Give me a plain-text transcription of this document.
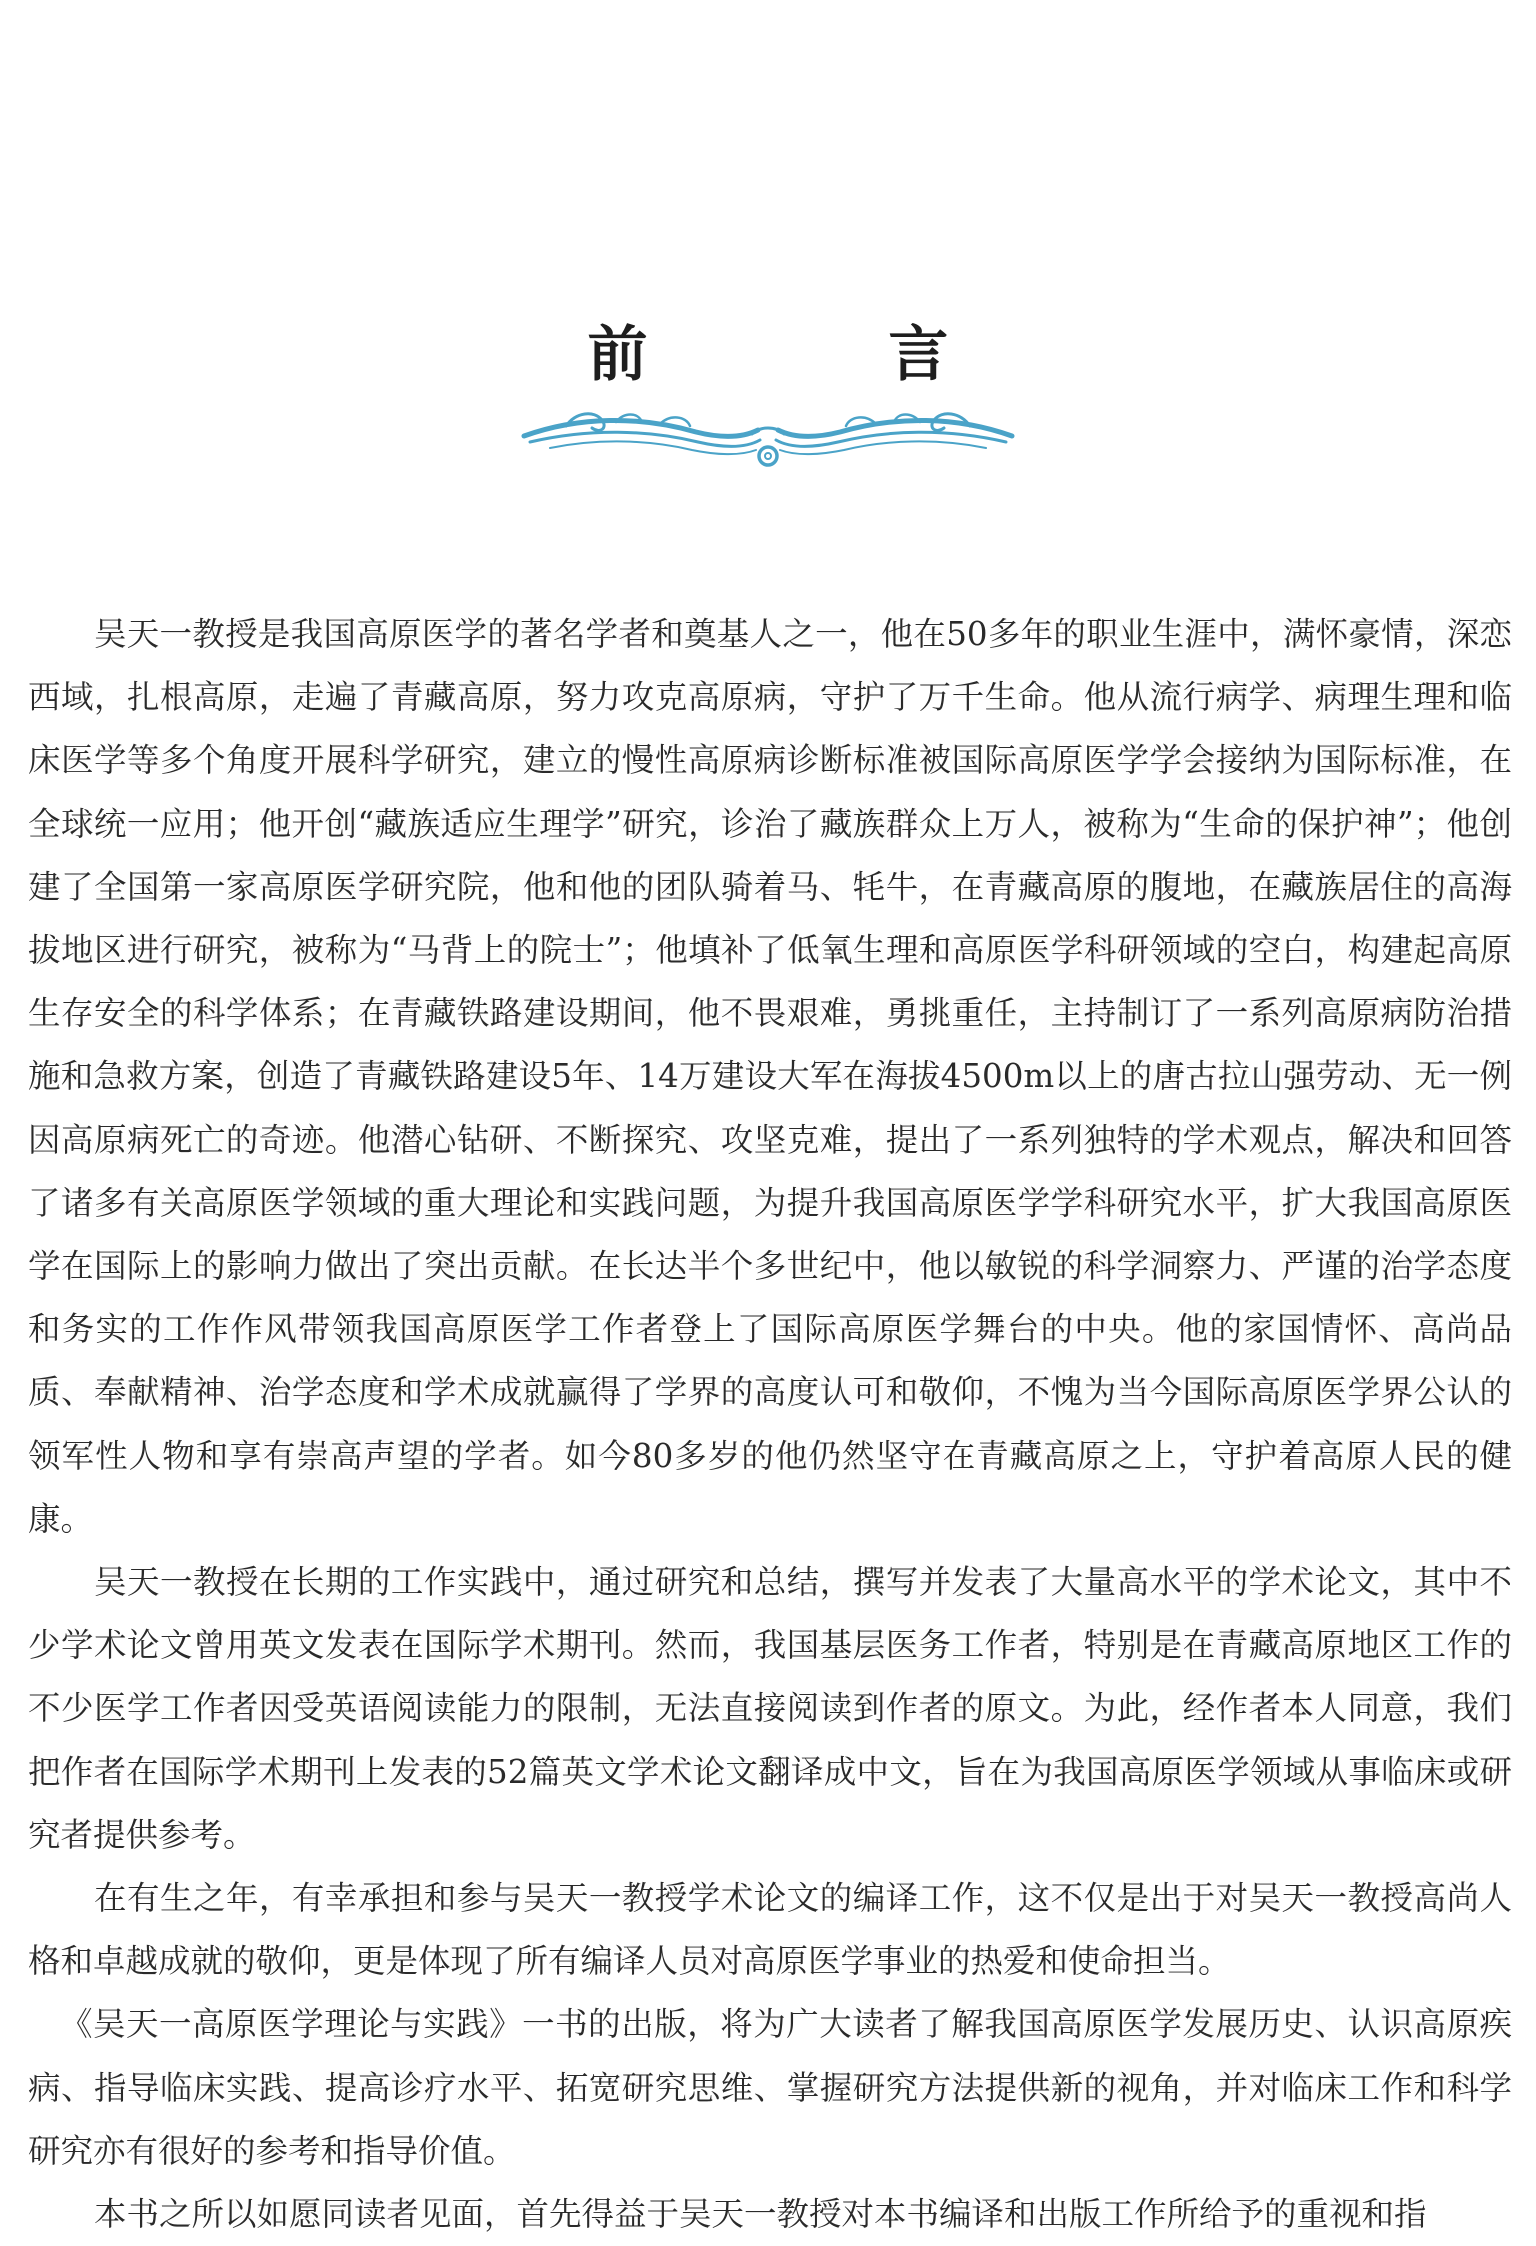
前 言

吴天一教授是我国高原医学的著名学者和奠基人之一，他在50多年的职业生涯中，满怀豪情，深恋西域，扎根高原，走遍了青藏高原，努力攻克高原病，守护了万千生命。他从流行病学、病理生理和临床医学等多个角度开展科学研究，建立的慢性高原病诊断标准被国际高原医学学会接纳为国际标准，在全球统一应用；他开创“藏族适应生理学”研究，诊治了藏族群众上万人，被称为“生命的保护神”；他创建了全国第一家高原医学研究院，他和他的团队骑着马、牦牛，在青藏高原的腹地，在藏族居住的高海拔地区进行研究，被称为“马背上的院士”；他填补了低氧生理和高原医学科研领域的空白，构建起高原生存安全的科学体系；在青藏铁路建设期间，他不畏艰难，勇挑重任，主持制订了一系列高原病防治措施和急救方案，创造了青藏铁路建设5年、14万建设大军在海拔4500m以上的唐古拉山强劳动、无一例因高原病死亡的奇迹。他潜心钻研、不断探究、攻坚克难，提出了一系列独特的学术观点，解决和回答了诸多有关高原医学领域的重大理论和实践问题，为提升我国高原医学学科研究水平，扩大我国高原医学在国际上的影响力做出了突出贡献。在长达半个多世纪中，他以敏锐的科学洞察力、严谨的治学态度和务实的工作作风带领我国高原医学工作者登上了国际高原医学舞台的中央。他的家国情怀、高尚品质、奉献精神、治学态度和学术成就赢得了学界的高度认可和敬仰，不愧为当今国际高原医学界公认的领军性人物和享有崇高声望的学者。如今80多岁的他仍然坚守在青藏高原之上，守护着高原人民的健康。

吴天一教授在长期的工作实践中，通过研究和总结，撰写并发表了大量高水平的学术论文，其中不少学术论文曾用英文发表在国际学术期刊。然而，我国基层医务工作者，特别是在青藏高原地区工作的不少医学工作者因受英语阅读能力的限制，无法直接阅读到作者的原文。为此，经作者本人同意，我们把作者在国际学术期刊上发表的52篇英文学术论文翻译成中文，旨在为我国高原医学领域从事临床或研究者提供参考。

在有生之年，有幸承担和参与吴天一教授学术论文的编译工作，这不仅是出于对吴天一教授高尚人格和卓越成就的敬仰，更是体现了所有编译人员对高原医学事业的热爱和使命担当。

《吴天一高原医学理论与实践》一书的出版，将为广大读者了解我国高原医学发展历史、认识高原疾病、指导临床实践、提高诊疗水平、拓宽研究思维、掌握研究方法提供新的视角，并对临床工作和科学研究亦有很好的参考和指导价值。

本书之所以如愿同读者见面，首先得益于吴天一教授对本书编译和出版工作所给予的重视和指
